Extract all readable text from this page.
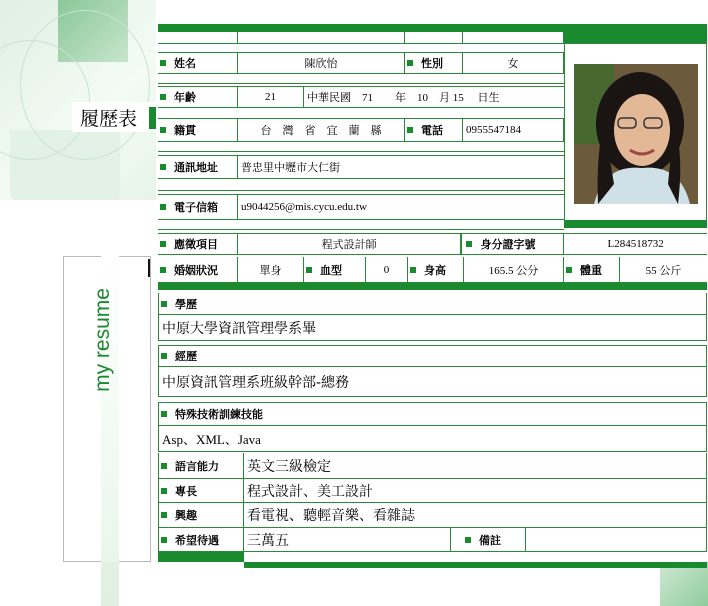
履歷表
my resume
姓名	陳欣怡	性別	女
年齡	21	中華民國　71　　年　10　月 15　 日生
籍貫	台　灣　省　宜　蘭　縣	電話	0955547184
通訊地址	普忠里中壢市大仁街
電子信箱	u9044256@mis.cycu.edu.tw
應徵項目	程式設計師	身分證字號	L284518732
婚姻狀況	單身	血型	0	身高	165.5 公分	體重	55 公斤
學歷
中原大學資訊管理學系畢
經歷
中原資訊管理系班級幹部-總務
特殊技術訓練技能
Asp、XML、Java
語言能力	英文三級檢定
專長	程式設計、美工設計
興趣	看電視、聽輕音樂、看雜誌
希望待遇	三萬五	備註
